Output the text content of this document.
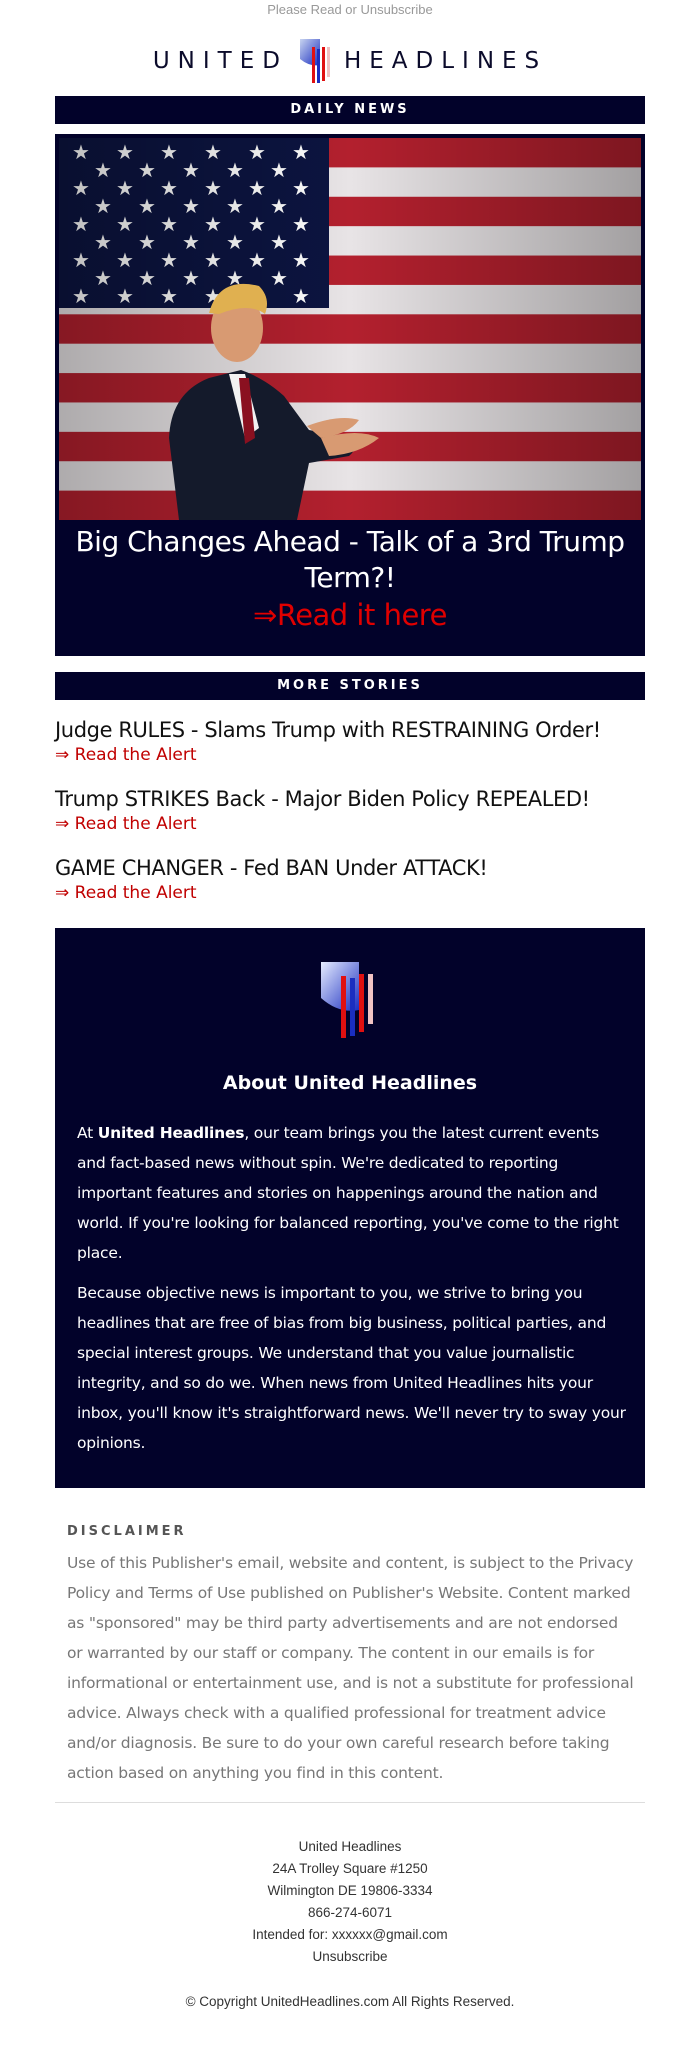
Please Read or Unsubscribe
UNITED HEADLINES
DAILY NEWS
Big Changes Ahead - Talk of a 3rd Trump Term?!
⇒Read it here
MORE STORIES
Judge RULES - Slams Trump with RESTRAINING Order!
⇒ Read the Alert
Trump STRIKES Back - Major Biden Policy REPEALED!
⇒ Read the Alert
GAME CHANGER - Fed BAN Under ATTACK!
⇒ Read the Alert
About United Headlines

At United Headlines, our team brings you the latest current events and fact-based news without spin. We're dedicated to reporting important features and stories on happenings around the nation and world. If you're looking for balanced reporting, you've come to the right place.

Because objective news is important to you, we strive to bring you headlines that are free of bias from big business, political parties, and special interest groups. We understand that you value journalistic integrity, and so do we. When news from United Headlines hits your inbox, you'll know it's straightforward news. We'll never try to sway your opinions.

DISCLAIMER

Use of this Publisher's email, website and content, is subject to the Privacy Policy and Terms of Use published on Publisher's Website. Content marked as "sponsored" may be third party advertisements and are not endorsed or warranted by our staff or company. The content in our emails is for informational or entertainment use, and is not a substitute for professional advice. Always check with a qualified professional for treatment advice and/or diagnosis. Be sure to do your own careful research before taking action based on anything you find in this content.

United Headlines
24A Trolley Square #1250
Wilmington DE 19806-3334
866-274-6071
Intended for: xxxxxx@gmail.com
Unsubscribe
© Copyright UnitedHeadlines.com All Rights Reserved.
